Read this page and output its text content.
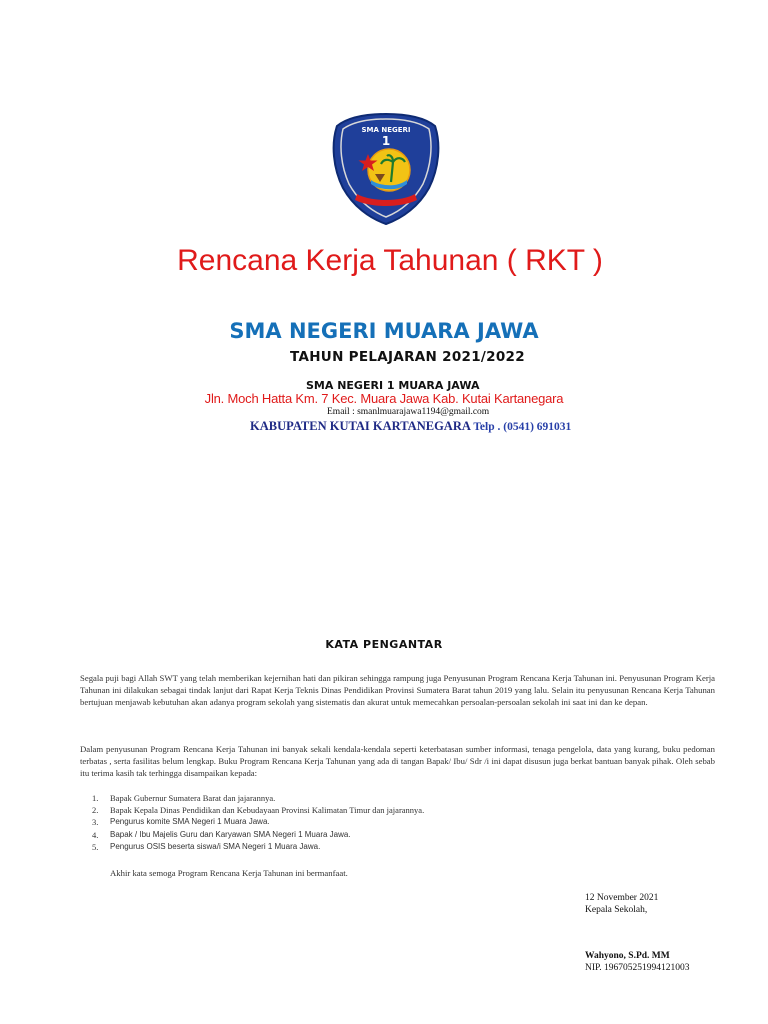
SMA NEGERI
1
Rencana Kerja Tahunan ( RKT )
SMA NEGERI MUARA JAWA
TAHUN PELAJARAN 2021/2022
SMA NEGERI 1 MUARA JAWA
Jln. Moch Hatta Km. 7 Kec. Muara Jawa Kab. Kutai Kartanegara
Email : smanlmuarajawa1194@gmail.com
KABUPATEN KUTAI KARTANEGARA Telp . (0541) 691031
KATA PENGANTAR

Segala puji bagi Allah SWT yang telah memberikan kejernihan hati dan pikiran sehingga rampung juga Penyusunan Program Rencana Kerja Tahunan ini. Penyusunan Program Kerja Tahunan ini dilakukan sebagai tindak lanjut dari Rapat Kerja Teknis Dinas Pendidikan Provinsi Sumatera Barat tahun 2019 yang lalu. Selain itu penyusunan Rencana Kerja Tahunan bertujuan menjawab kebutuhan akan adanya program sekolah yang sistematis dan akurat untuk memecahkan persoalan-persoalan sekolah ini saat ini dan ke depan.

Dalam penyusunan Program Rencana Kerja Tahunan ini banyak sekali kendala-kendala seperti keterbatasan sumber informasi, tenaga pengelola, data yang kurang, buku pedoman terbatas , serta fasilitas belum lengkap. Buku Program Rencana Kerja Tahunan yang ada di tangan Bapak/ Ibu/ Sdr /i ini dapat disusun juga berkat bantuan banyak pihak. Oleh sebab itu terima kasih tak terhingga disampaikan kepada:

1.	Bapak Gubernur Sumatera Barat dan jajarannya.
2.	Bapak Kepala Dinas Pendidikan dan Kebudayaan Provinsi Kalimatan Timur dan jajarannya.
3.	Pengurus komite SMA Negeri 1 Muara Jawa.
4.	Bapak / Ibu Majelis Guru dan Karyawan SMA Negeri 1 Muara Jawa.
5.	Pengurus OSIS beserta siswa/i SMA Negeri 1 Muara Jawa.
Akhir kata semoga Program Rencana Kerja Tahunan ini bermanfaat.
12 November 2021
Kepala Sekolah,
Wahyono, S.Pd. MM
NIP. 196705251994121003
